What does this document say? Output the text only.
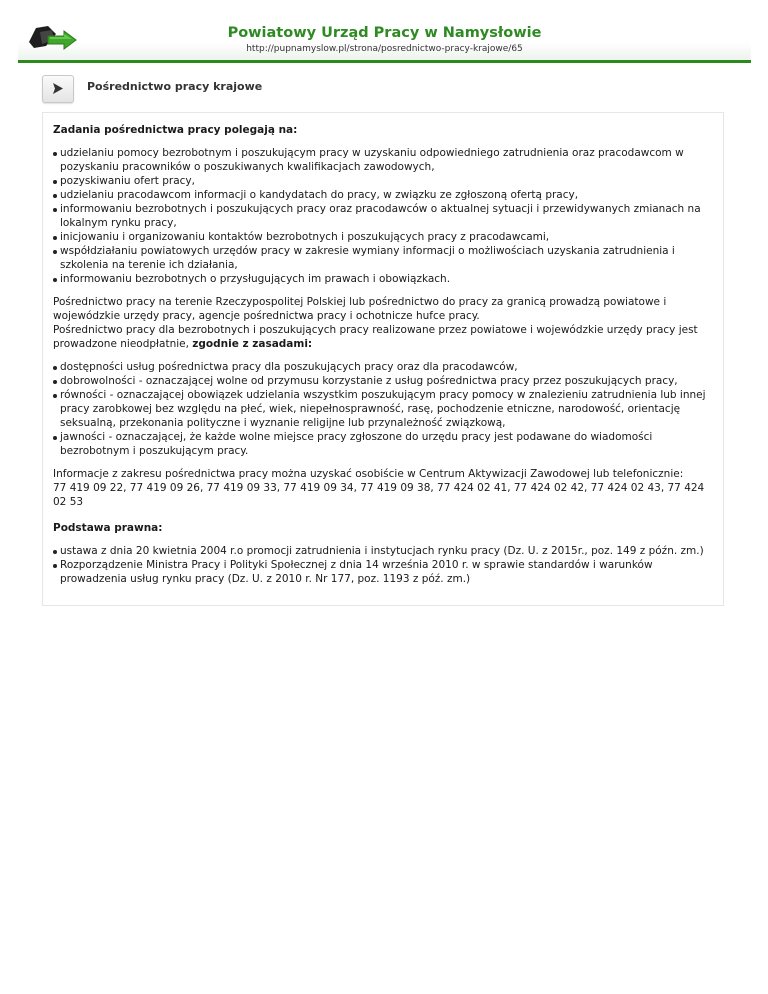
Powiatowy Urząd Pracy w Namysłowie
http://pupnamyslow.pl/strona/posrednictwo-pracy-krajowe/65
Pośrednictwo pracy krajowe
Zadania pośrednictwa pracy polegają na:
udzielaniu pomocy bezrobotnym i poszukującym pracy w uzyskaniu odpowiedniego zatrudnienia oraz pracodawcom w pozyskaniu pracowników o poszukiwanych kwalifikacjach zawodowych,
pozyskiwaniu ofert pracy,
udzielaniu pracodawcom informacji o kandydatach do pracy, w związku ze zgłoszoną ofertą pracy,
informowaniu bezrobotnych i poszukujących pracy oraz pracodawców o aktualnej sytuacji i przewidywanych zmianach na lokalnym rynku pracy,
inicjowaniu i organizowaniu kontaktów bezrobotnych i poszukujących pracy z pracodawcami,
współdziałaniu powiatowych urzędów pracy w zakresie wymiany informacji o możliwościach uzyskania zatrudnienia i szkolenia na terenie ich działania,
informowaniu bezrobotnych o przysługujących im prawach i obowiązkach.

Pośrednictwo pracy na terenie Rzeczypospolitej Polskiej lub pośrednictwo do pracy za granicą prowadzą powiatowe i wojewódzkie urzędy pracy, agencje pośrednictwa pracy i ochotnicze hufce pracy.

Pośrednictwo pracy dla bezrobotnych i poszukujących pracy realizowane przez powiatowe i wojewódzkie urzędy pracy jest prowadzone nieodpłatnie, zgodnie z zasadami:

dostępności usług pośrednictwa pracy dla poszukujących pracy oraz dla pracodawców,
dobrowolności - oznaczającej wolne od przymusu korzystanie z usług pośrednictwa pracy przez poszukujących pracy,
równości - oznaczającej obowiązek udzielania wszystkim poszukującym pracy pomocy w znalezieniu zatrudnienia lub innej pracy zarobkowej bez względu na płeć, wiek, niepełnosprawność, rasę, pochodzenie etniczne, narodowość, orientację seksualną, przekonania polityczne i wyznanie religijne lub przynależność związkową,
jawności - oznaczającej, że każde wolne miejsce pracy zgłoszone do urzędu pracy jest podawane do wiadomości bezrobotnym i poszukującym pracy.

Informacje z zakresu pośrednictwa pracy można uzyskać osobiście w Centrum Aktywizacji Zawodowej lub telefonicznie:

77 419 09 22, 77 419 09 26, 77 419 09 33, 77 419 09 34, 77 419 09 38, 77 424 02 41, 77 424 02 42, 77 424 02 43, 77 424 02 53

Podstawa prawna:
ustawa z dnia 20 kwietnia 2004 r.o promocji zatrudnienia i instytucjach rynku pracy (Dz. U. z 2015r., poz. 149 z późn. zm.)
Rozporządzenie Ministra Pracy i Polityki Społecznej z dnia 14 września 2010 r. w sprawie standardów i warunków prowadzenia usług rynku pracy (Dz. U. z 2010 r. Nr 177, poz. 1193 z póź. zm.)
